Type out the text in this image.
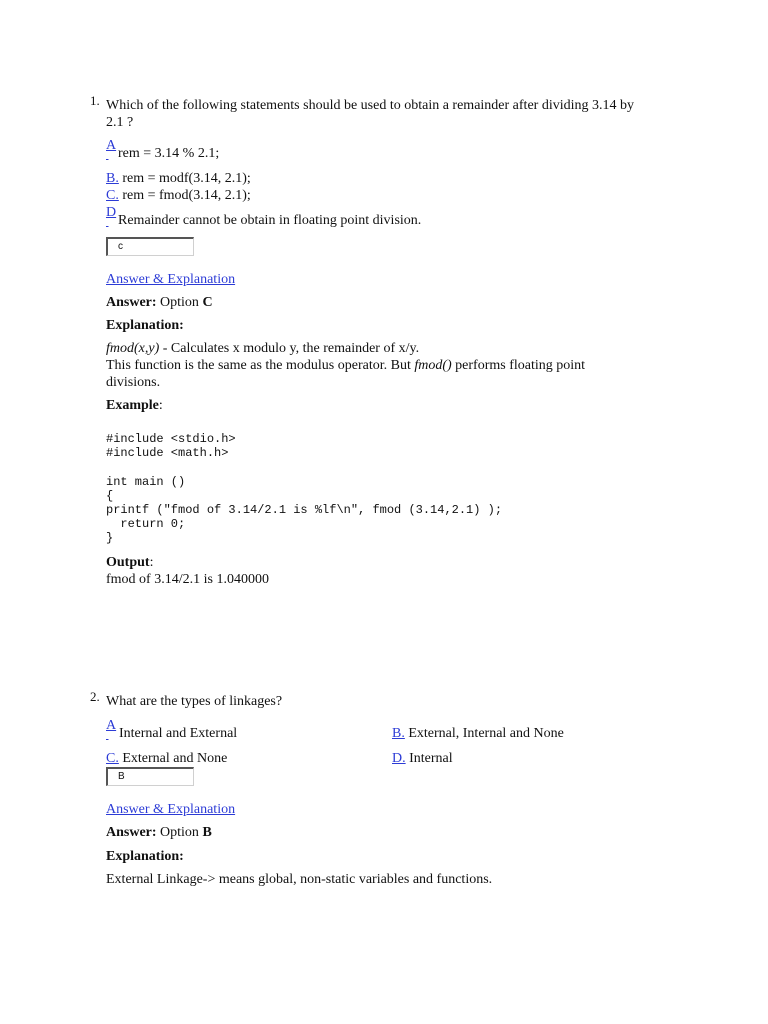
1. Which of the following statements should be used to obtain a remainder after dividing 3.14 by
2.1 ?
A

rem = 3.14 % 2.1;
B. rem = modf(3.14, 2.1);
C. rem = fmod(3.14, 2.1);
D

Remainder cannot be obtain in floating point division.
c
Answer & Explanation
Answer: Option C
Explanation:
fmod(x,y) - Calculates x modulo y, the remainder of x/y.
This function is the same as the modulus operator. But fmod() performs floating point
divisions.
Example:
#include <stdio.h>
#include <math.h>

int main ()
{
printf ("fmod of 3.14/2.1 is %lf\n", fmod (3.14,2.1) );
return 0;
}
Output:
fmod of 3.14/2.1 is 1.040000
2. What are the types of linkages?
A

Internal and External	B. External, Internal and None
C. External and None	D. Internal
B
Answer & Explanation
Answer: Option B
Explanation:
External Linkage-> means global, non-static variables and functions.
